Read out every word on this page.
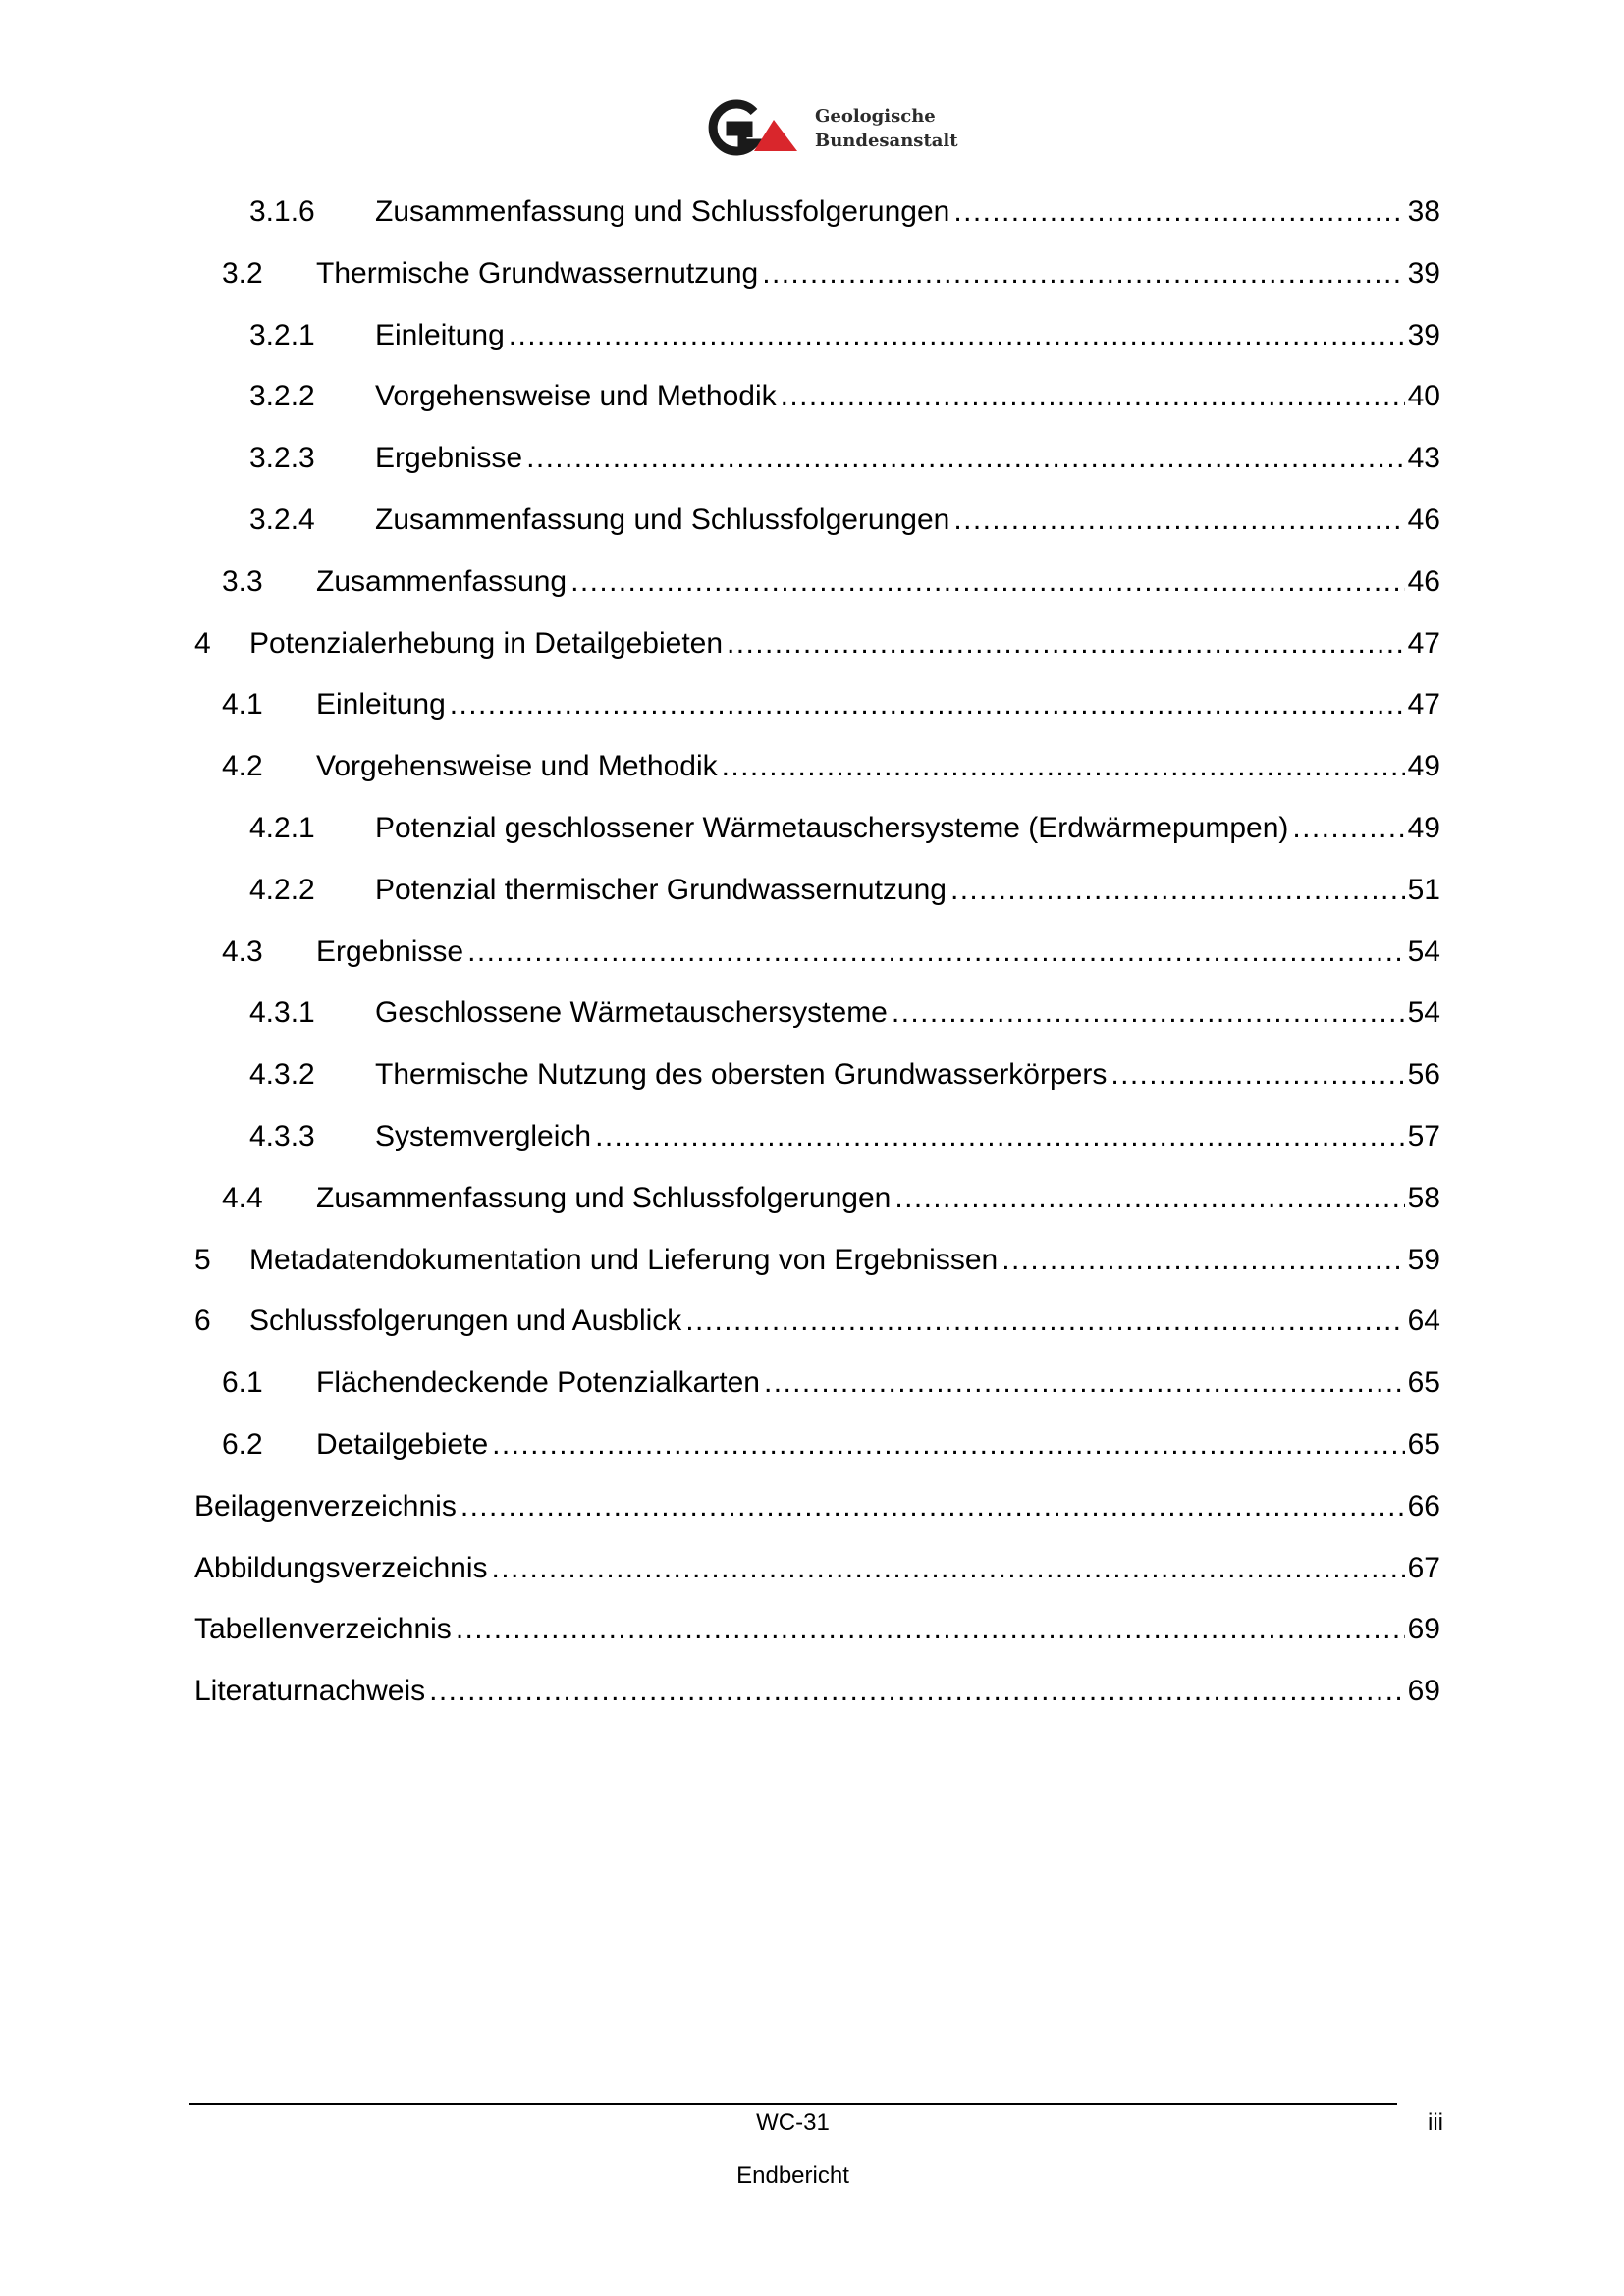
Geologische
Bundesanstalt
3.1.6	Zusammenfassung und Schlussfolgerungen .....	38
3.2	Thermische Grundwassernutzung .....	39
3.2.1	Einleitung .....	39
3.2.2	Vorgehensweise und Methodik .....	40
3.2.3	Ergebnisse .....	43
3.2.4	Zusammenfassung und Schlussfolgerungen .....	46
3.3	Zusammenfassung .....	46
4	Potenzialerhebung in Detailgebieten .....	47
4.1	Einleitung .....	47
4.2	Vorgehensweise und Methodik .....	49
4.2.1	Potenzial geschlossener Wärmetauschersysteme (Erdwärmepumpen) .....	49
4.2.2	Potenzial thermischer Grundwassernutzung .....	51
4.3	Ergebnisse .....	54
4.3.1	Geschlossene Wärmetauschersysteme .....	54
4.3.2	Thermische Nutzung des obersten Grundwasserkörpers .....	56
4.3.3	Systemvergleich .....	57
4.4	Zusammenfassung und Schlussfolgerungen .....	58
5	Metadatendokumentation und Lieferung von Ergebnissen .....	59
6	Schlussfolgerungen und Ausblick .....	64
6.1	Flächendeckende Potenzialkarten .....	65
6.2	Detailgebiete .....	65
Beilagenverzeichnis .....	66
Abbildungsverzeichnis .....	67
Tabellenverzeichnis .....	69
Literaturnachweis .....	69
WC-31
Endbericht
iii
